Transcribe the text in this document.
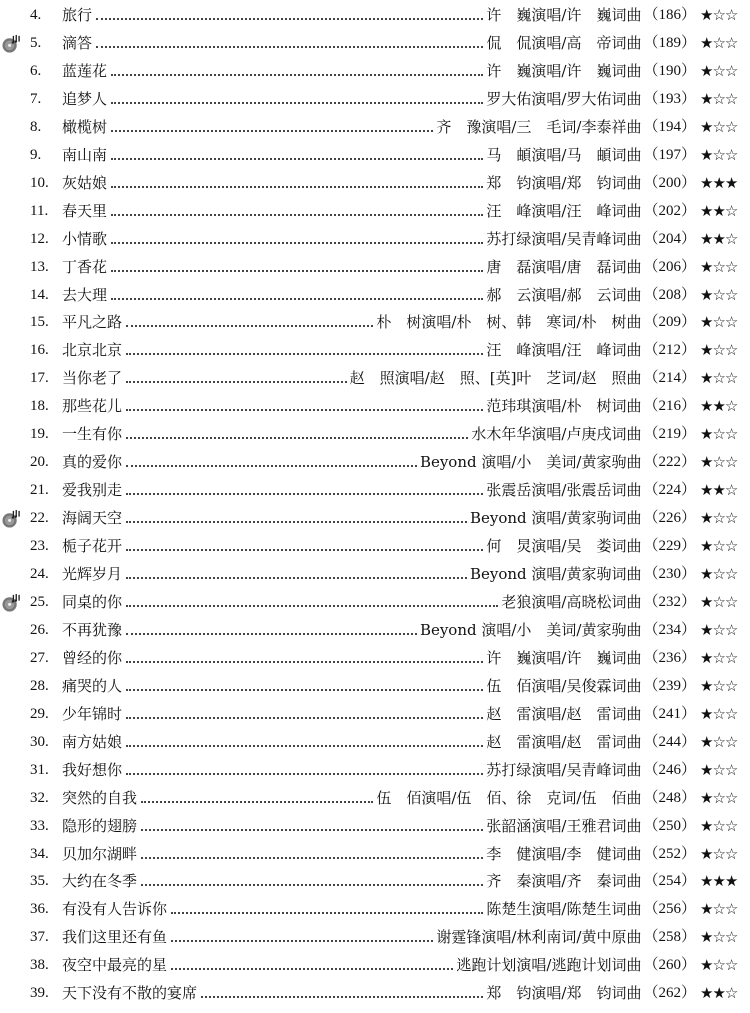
4.	旅行	许　巍演唱/许　巍词曲 （186） ★☆☆
5.	滴答	侃　侃演唱/高　帝词曲 （189） ★☆☆
6.	蓝莲花	许　巍演唱/许　巍词曲 （190） ★☆☆
7.	追梦人	罗大佑演唱/罗大佑词曲 （193） ★☆☆
8.	橄榄树	齐　豫演唱/三　毛词/李泰祥曲 （194） ★☆☆
9.	南山南	马　頔演唱/马　頔词曲 （197） ★☆☆
10. 灰姑娘	郑　钧演唱/郑　钧词曲 （200） ★★★
11. 春天里	汪　峰演唱/汪　峰词曲 （202） ★★☆
12. 小情歌	苏打绿演唱/吴青峰词曲 （204） ★★☆
13. 丁香花	唐　磊演唱/唐　磊词曲 （206） ★☆☆
14. 去大理	郝　云演唱/郝　云词曲 （208） ★☆☆
15. 平凡之路	朴　树演唱/朴　树、韩　寒词/朴　树曲 （209） ★☆☆
16. 北京北京	汪　峰演唱/汪　峰词曲 （212） ★☆☆
17. 当你老了	赵　照演唱/赵　照、[英]叶　芝词/赵　照曲 （214） ★☆☆
18. 那些花儿	范玮琪演唱/朴　树词曲 （216） ★★☆
19. 一生有你	水木年华演唱/卢庚戌词曲 （219） ★☆☆
20. 真的爱你	Beyond 演唱/小　美词/黄家驹曲 （222） ★☆☆
21. 爱我别走	张震岳演唱/张震岳词曲 （224） ★★☆
22. 海阔天空	Beyond 演唱/黄家驹词曲 （226） ★☆☆
23. 栀子花开	何　炅演唱/吴　娄词曲 （229） ★☆☆
24. 光辉岁月	Beyond 演唱/黄家驹词曲 （230） ★☆☆
25. 同桌的你	老狼演唱/高晓松词曲 （232） ★☆☆
26. 不再犹豫	Beyond 演唱/小　美词/黄家驹曲 （234） ★☆☆
27. 曾经的你	许　巍演唱/许　巍词曲 （236） ★☆☆
28. 痛哭的人	伍　佰演唱/吴俊霖词曲 （239） ★☆☆
29. 少年锦时	赵　雷演唱/赵　雷词曲 （241） ★☆☆
30. 南方姑娘	赵　雷演唱/赵　雷词曲 （244） ★☆☆
31. 我好想你	苏打绿演唱/吴青峰词曲 （246） ★☆☆
32. 突然的自我	伍　佰演唱/伍　佰、徐　克词/伍　佰曲 （248） ★☆☆
33. 隐形的翅膀	张韶涵演唱/王雅君词曲 （250） ★☆☆
34. 贝加尔湖畔	李　健演唱/李　健词曲 （252） ★☆☆
35. 大约在冬季	齐　秦演唱/齐　秦词曲 （254） ★★★
36. 有没有人告诉你	陈楚生演唱/陈楚生词曲 （256） ★☆☆
37. 我们这里还有鱼	谢霆锋演唱/林利南词/黄中原曲 （258） ★☆☆
38. 夜空中最亮的星	逃跑计划演唱/逃跑计划词曲 （260） ★☆☆
39. 天下没有不散的宴席	郑　钧演唱/郑　钧词曲 （262） ★★☆
